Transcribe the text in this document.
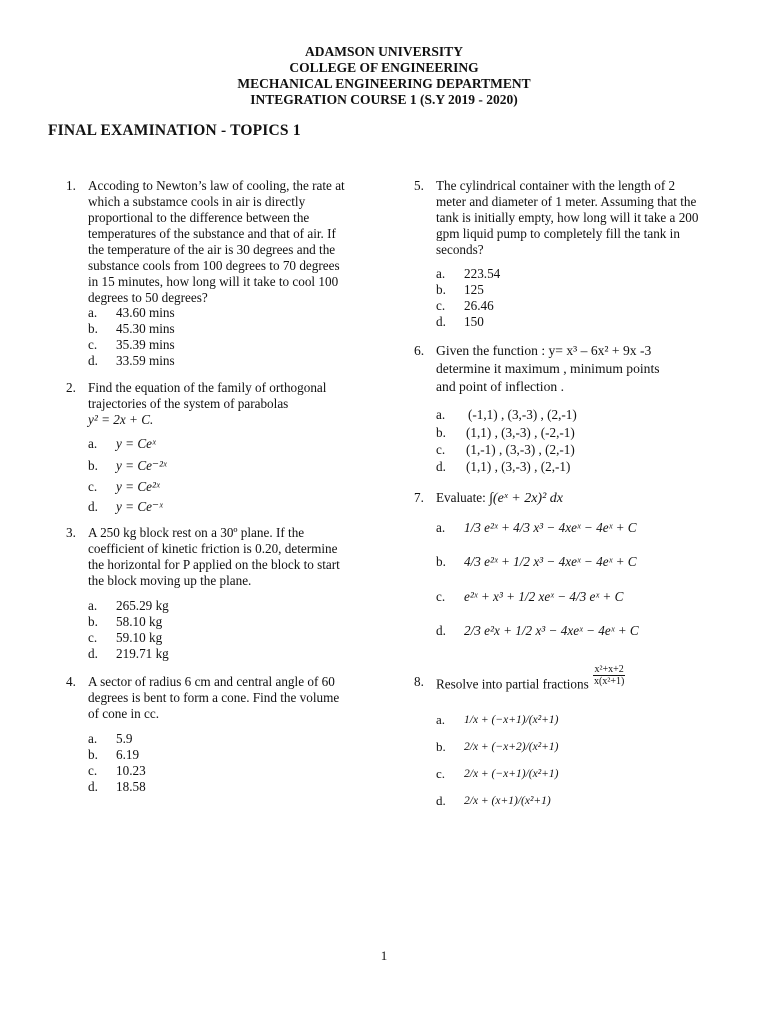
ADAMSON UNIVERSITY
COLLEGE OF ENGINEERING
MECHANICAL ENGINEERING DEPARTMENT
INTEGRATION COURSE 1 (S.Y 2019 - 2020)
FINAL EXAMINATION - TOPICS 1
1. Accoding to Newton’s law of cooling, the rate at
which a substamce cools in air is directly
proportional to the difference between the
temperatures of the substance and that of air. If
the temperature of the air is 30 degrees and the
substance cools from 100 degrees to 70 degrees
in 15 minutes, how long will it take to cool 100
degrees to 50 degrees?
a.	43.60 mins
b.	45.30 mins
c.	35.39 mins
d.	33.59 mins
2. Find the equation of the family of orthogonal
trajectories of the system of parabolas
y² = 2x + C.
a.	y = Ceˣ
b.	y = Ce⁻²ˣ
c.	y = Ce²ˣ
d.	y = Ce⁻ˣ
3. A 250 kg block rest on a 30º plane. If the
coefficient of kinetic friction is 0.20, determine
the horizontal for P applied on the block to start
the block moving up the plane.
a.	265.29 kg
b.	58.10 kg
c.	59.10 kg
d.	219.71 kg
4. A sector of radius 6 cm and central angle of 60
degrees is bent to form a cone. Find the volume
of cone in cc.
a.	5.9
b.	6.19
c.	10.23
d.	18.58
5. The cylindrical container with the length of 2
meter and diameter of 1 meter. Assuming that the
tank is initially empty, how long will it take a 200
gpm liquid pump to completely fill the tank in
seconds?
a.	223.54
b.	125
c.	26.46
d.	150
6. Given the function : y= x³ – 6x² + 9x -3
determine it maximum , minimum points
and point of inflection .
a.	(-1,1) , (3,-3) , (2,-1)
b.	(1,1) , (3,-3) , (-2,-1)
c.	(1,-1) , (3,-3) , (2,-1)
d.	(1,1) , (3,-3) , (2,-1)
7. Evaluate: ∫(eˣ + 2x)² dx
a.	1/3 e²ˣ + 4/3 x³ − 4xeˣ − 4eˣ + C
b.	4/3 e²ˣ + 1/2 x³ − 4xeˣ − 4eˣ + C
c.	e²ˣ + x³ + 1/2 xeˣ − 4/3 eˣ + C
d.	2/3 e²x + 1/2 x³ − 4xeˣ − 4eˣ + C
8. Resolve into partial fractions $\frac{\text{x²+x+2}}{\text{x(x²+1)}}$
a.	1/x + (−x+1)/(x²+1)
b.	2/x + (−x+2)/(x²+1)
c.	2/x + (−x+1)/(x²+1)
d.	2/x + (x+1)/(x²+1)
1
